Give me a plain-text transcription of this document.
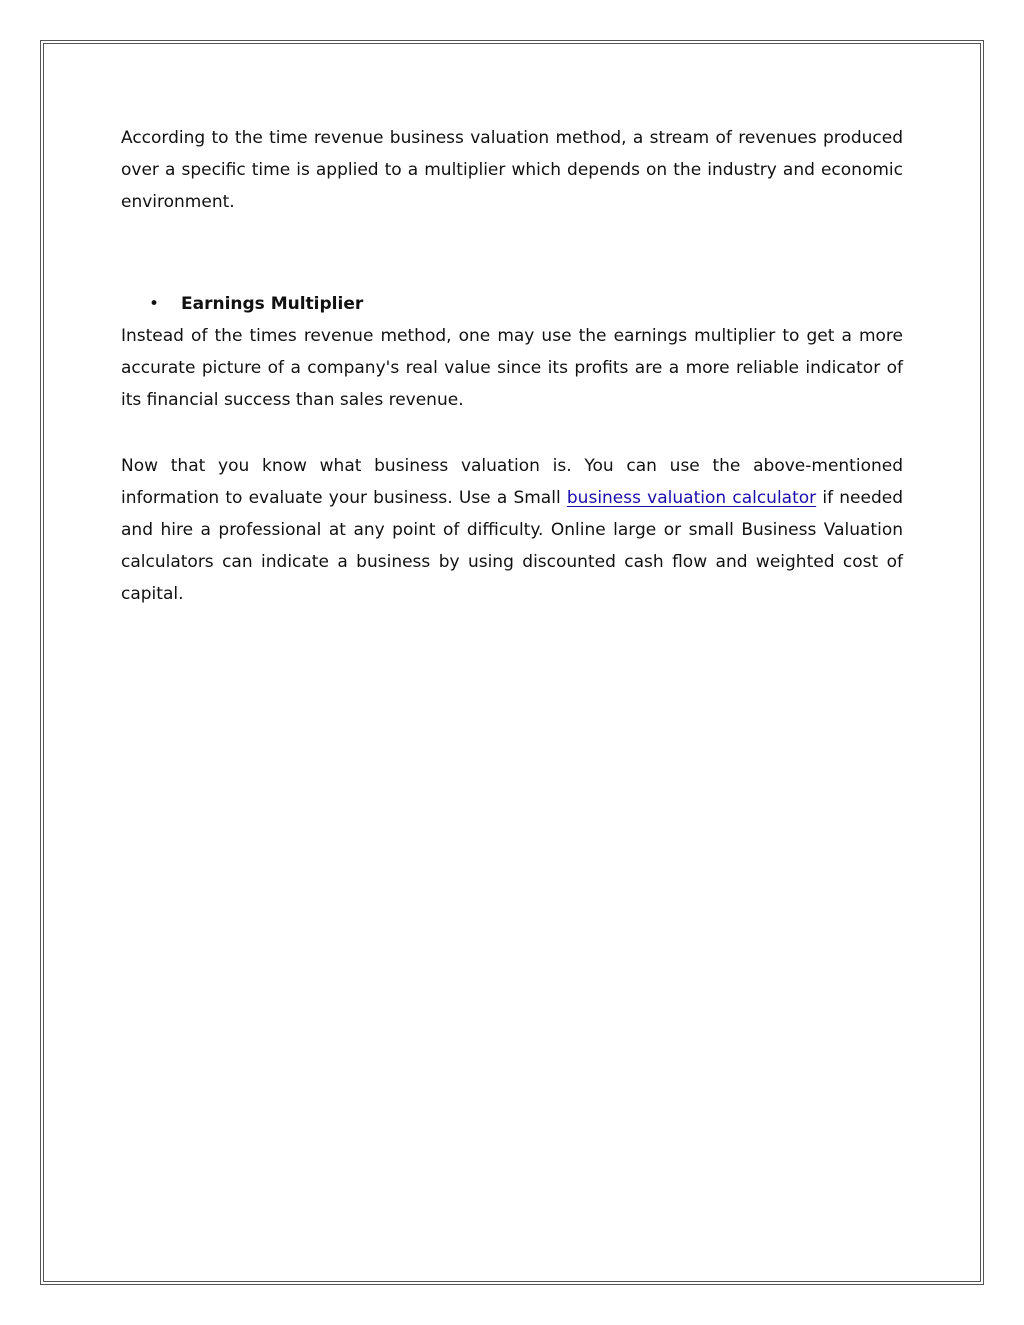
According to the time revenue business valuation method, a stream of revenues produced over a specific time is applied to a multiplier which depends on the industry and economic environment.

•	Earnings Multiplier

Instead of the times revenue method, one may use the earnings multiplier to get a more accurate picture of a company's real value since its profits are a more reliable indicator of its financial success than sales revenue.

Now that you know what business valuation is. You can use the above-mentioned information to evaluate your business. Use a Small business valuation calculator if needed and hire a professional at any point of difficulty. Online large or small Business Valuation calculators can indicate a business by using discounted cash flow and weighted cost of capital.
